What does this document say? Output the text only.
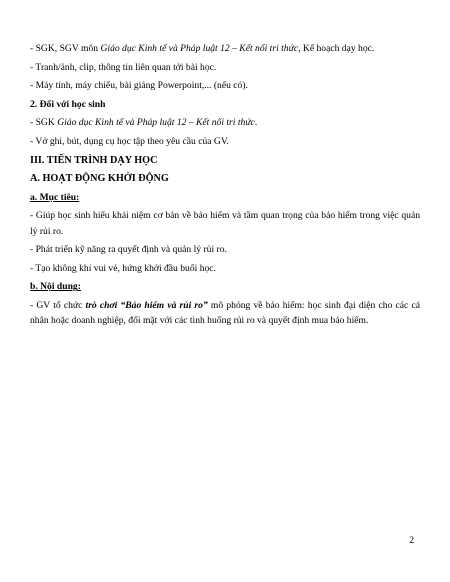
- SGK, SGV môn Giáo dục Kinh tế và Pháp luật 12 – Kết nối tri thức, Kế hoạch dạy học.

- Tranh/ảnh, clip, thông tin liên quan tới bài học.

- Máy tính, máy chiếu, bài giảng Powerpoint,... (nếu có).

2. Đối với học sinh

- SGK Giáo dục Kinh tế và Pháp luật 12 – Kết nối tri thức.

- Vở ghi, bút, dụng cụ học tập theo yêu cầu của GV.

III. TIẾN TRÌNH DẠY HỌC

A. HOẠT ĐỘNG KHỞI ĐỘNG

a. Mục tiêu:

- Giúp học sinh hiểu khái niệm cơ bản về bảo hiểm và tầm quan trọng của bảo hiểm trong việc quản lý rủi ro.

- Phát triển kỹ năng ra quyết định và quản lý rủi ro.

- Tạo không khí vui vẻ, hứng khởi đầu buổi học.

b. Nội dung:

- GV tổ chức trò chơi “Bảo hiểm và rủi ro” mô phỏng về bảo hiểm: học sinh đại diện cho các cá nhân hoặc doanh nghiệp, đối mặt với các tình huống rủi ro và quyết định mua bảo hiểm.

2
